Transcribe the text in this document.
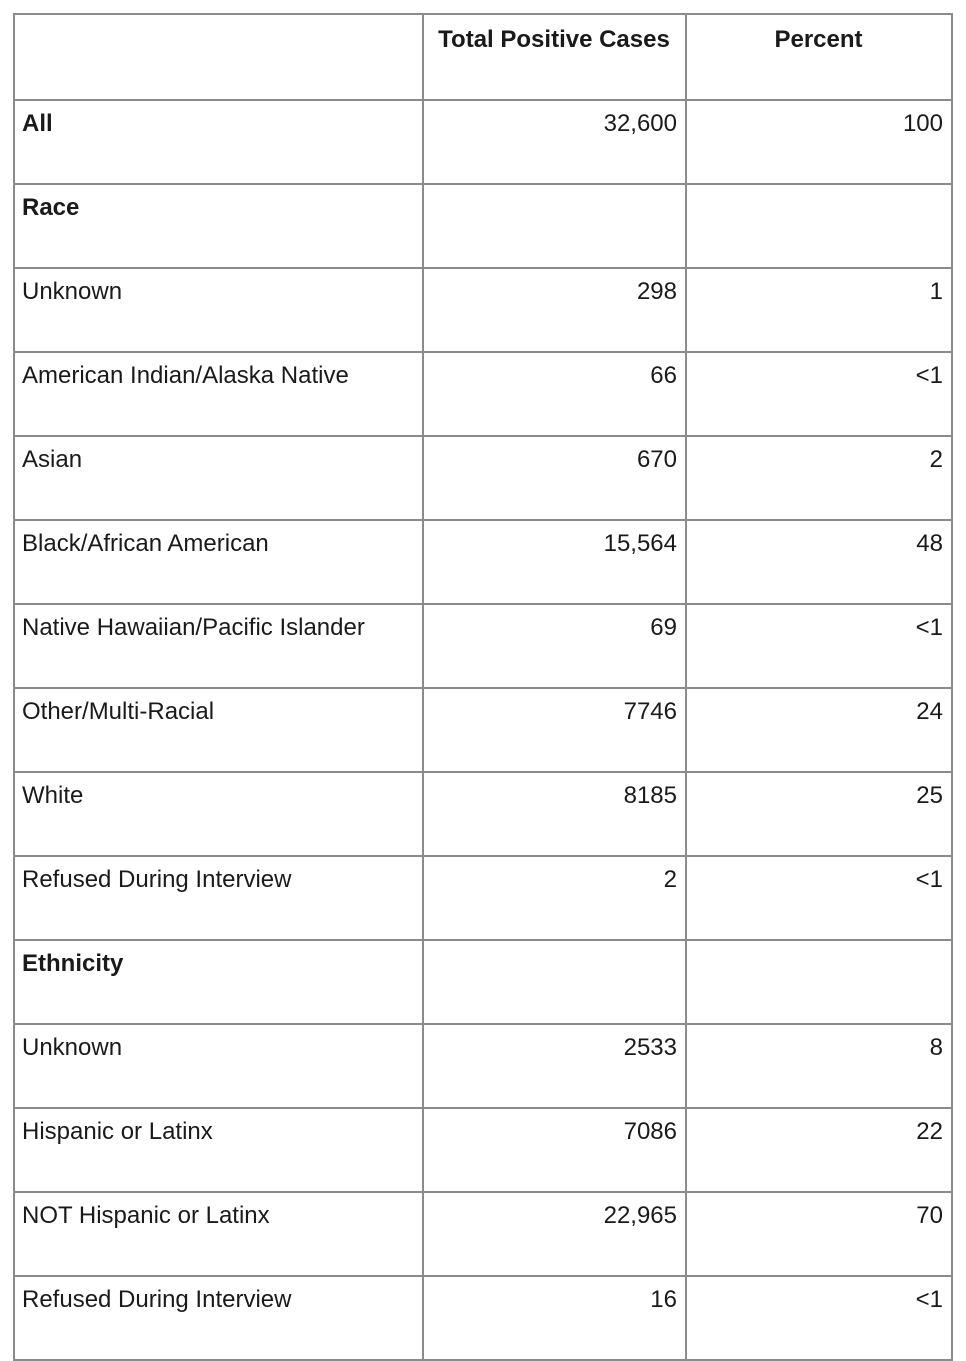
	Total Positive Cases	Percent
All	32,600	100
Race		
Unknown	298	1
American Indian/Alaska Native	66	<1
Asian	670	2
Black/African American	15,564	48
Native Hawaiian/Pacific Islander	69	<1
Other/Multi-Racial	7746	24
White	8185	25
Refused During Interview	2	<1
Ethnicity		
Unknown	2533	8
Hispanic or Latinx	7086	22
NOT Hispanic or Latinx	22,965	70
Refused During Interview	16	<1
